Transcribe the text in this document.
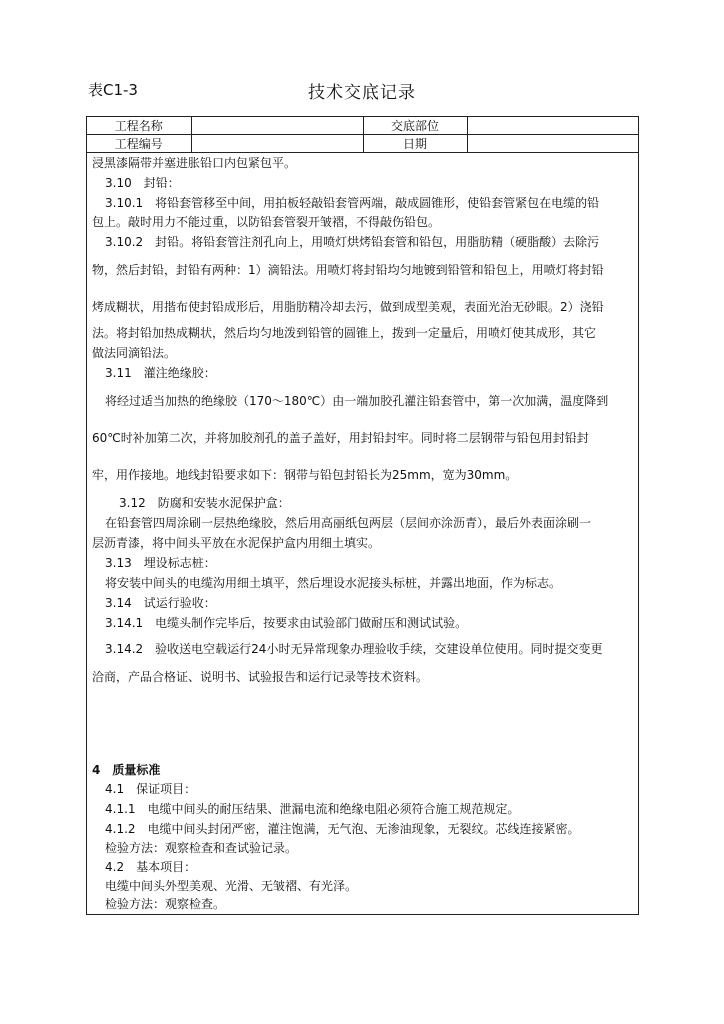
表C1-3	技术交底记录
工程名称		交底部位	
工程编号		日期	
浸黑漆隔带并塞进胀铅口内包紧包平。
3.10　封铅：
3.10.1　将铅套管移至中间，用拍板轻敲铅套管两端，敲成圆锥形，使铅套管紧包在电缆的铅
包上。敲时用力不能过重，以防铅套管裂开皱褶，不得敲伤铅包。
3.10.2　封铅。将铅套管注剂孔向上，用喷灯烘烤铅套管和铅包，用脂肪精（硬脂酸）去除污
物，然后封铅，封铅有两种：1）滴铅法。用喷灯将封铅均匀地镀到铅管和铅包上，用喷灯将封铅
烤成糊状，用揩布使封铅成形后，用脂肪精冷却去污，做到成型美观，表面光治无砂眼。2）浇铅
法。将封铅加热成糊状，然后均匀地泼到铅管的圆锥上，拨到一定量后，用喷灯使其成形，其它
做法同滴铅法。
3.11　灌注绝缘胶：
将经过适当加热的绝缘胶（170～180℃）由一端加胶孔灌注铅套管中，第一次加满，温度降到
60℃时补加第二次，并将加胶剂孔的盖子盖好，用封铅封牢。同时将二层钢带与铅包用封铅封
牢，用作接地。地线封铅要求如下：钢带与铅包封铅长为25mm，宽为30mm。
3.12　防腐和安装水泥保护盒：
在铅套管四周涂刷一层热绝缘胶，然后用高丽纸包两层（层间亦涂沥青），最后外表面涂刷一
层沥青漆，将中间头平放在水泥保护盒内用细土填实。
3.13　埋设标志桩：
将安装中间头的电缆沟用细土填平，然后埋设水泥接头标桩，并露出地面，作为标志。
3.14　试运行验收：
3.14.1　电缆头制作完毕后，按要求由试验部门做耐压和测试试验。
3.14.2　验收送电空载运行24小时无异常现象办理验收手续，交建设单位使用。同时提交变更
洽商，产品合格证、说明书、试验报告和运行记录等技术资料。
4　质量标准
4.1　保证项目：
4.1.1　电缆中间头的耐压结果、泄漏电流和绝缘电阻必须符合施工规范规定。
4.1.2　电缆中间头封闭严密，灌注饱满，无气泡、无渗油现象，无裂纹。芯线连接紧密。
检验方法：观察检查和查试验记录。
4.2　基本项目：
电缆中间头外型美观、光滑、无皱褶、有光泽。
检验方法：观察检查。
